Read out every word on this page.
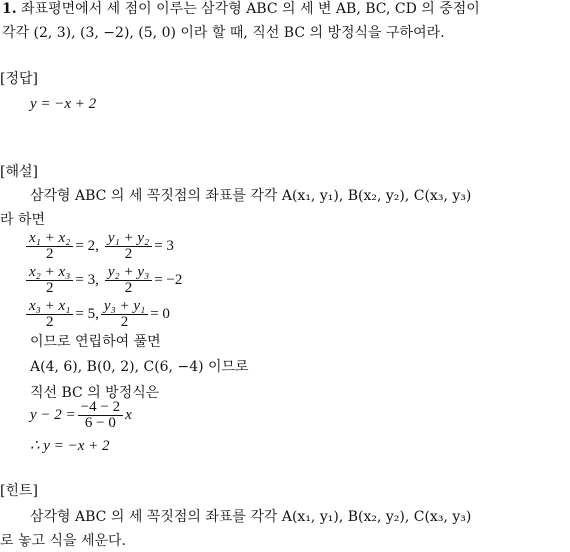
1. 좌표평면에서 세 점이 이루는 삼각형 ABC 의 세 변 AB, BC, CD 의 중점이
각각 (2, 3), (3, −2), (5, 0) 이라 할 때, 직선 BC 의 방정식을 구하여라.
[정답]
y = −x + 2
[해설]
삼각형 ABC 의 세 꼭짓점의 좌표를 각각 A(x₁, y₁), B(x₂, y₂), C(x₃, y₃)
라 하면
$\frac{\text{x₁ + x₂}}{2} = 2$, $\frac{\text{y₁ + y₂}}{2} = 3$
$\frac{\text{x₂ + x₃}}{2} = 3$, $\frac{\text{y₂ + y₃}}{2} = -2$
$\frac{\text{x₃ + x₁}}{2} = 5$, $\frac{\text{y₃ + y₁}}{2} = 0$
이므로 연립하여 풀면
A(4, 6), B(0, 2), C(6, −4) 이므로
직선 BC 의 방정식은
$y - 2 = \frac{-4 - 2}{6 - 0}$ x
∴ y = −x + 2
[힌트]
삼각형 ABC 의 세 꼭짓점의 좌표를 각각 A(x₁, y₁), B(x₂, y₂), C(x₃, y₃)
로 놓고 식을 세운다.
